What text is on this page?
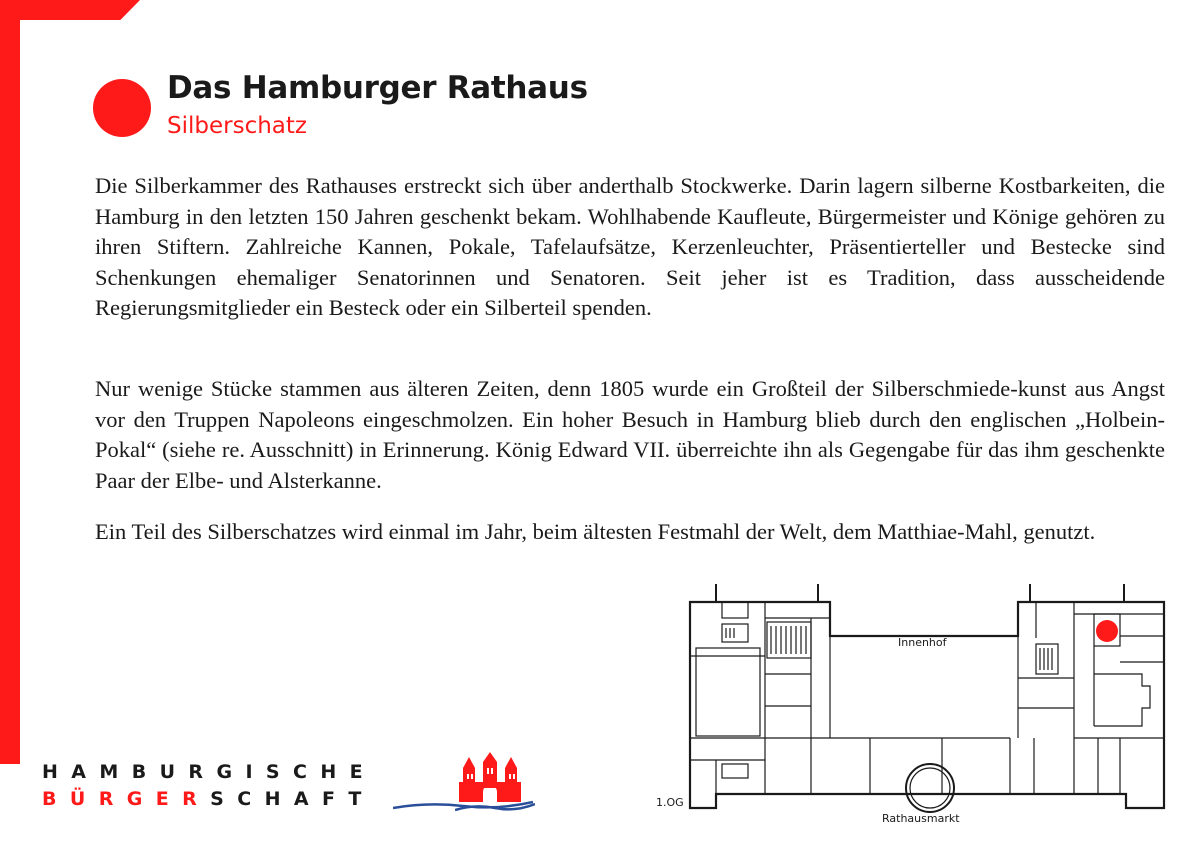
Das Hamburger Rathaus
Silberschatz

Die Silberkammer des Rathauses erstreckt sich über anderthalb Stockwerke. Darin lagern silberne Kostbarkeiten, die Hamburg in den letzten 150 Jahren geschenkt bekam. Wohlhabende Kaufleute, Bürgermeister und Könige gehören zu ihren Stiftern. Zahlreiche Kannen, Pokale, Tafelaufsätze, Kerzenleuchter, Präsentierteller und Bestecke sind Schenkungen ehemaliger Senatorinnen und Senatoren. Seit jeher ist es Tradition, dass ausscheidende Regierungsmitglieder ein Besteck oder ein Silberteil spenden.

Nur wenige Stücke stammen aus älteren Zeiten, denn 1805 wurde ein Großteil der Silberschmiede-kunst aus Angst vor den Truppen Napoleons eingeschmolzen. Ein hoher Besuch in Hamburg blieb durch den englischen „Holbein-Pokal“ (siehe re. Ausschnitt) in Erinnerung. König Edward VII. überreichte ihn als Gegengabe für das ihm geschenkte Paar der Elbe- und Alsterkanne.

Ein Teil des Silberschatzes wird einmal im Jahr, beim ältesten Festmahl der Welt, dem Matthiae-Mahl, genutzt.

HAMBURGISCHE
BÜRGERSCHAFT
Innenhof
Rathausmarkt
1.OG
